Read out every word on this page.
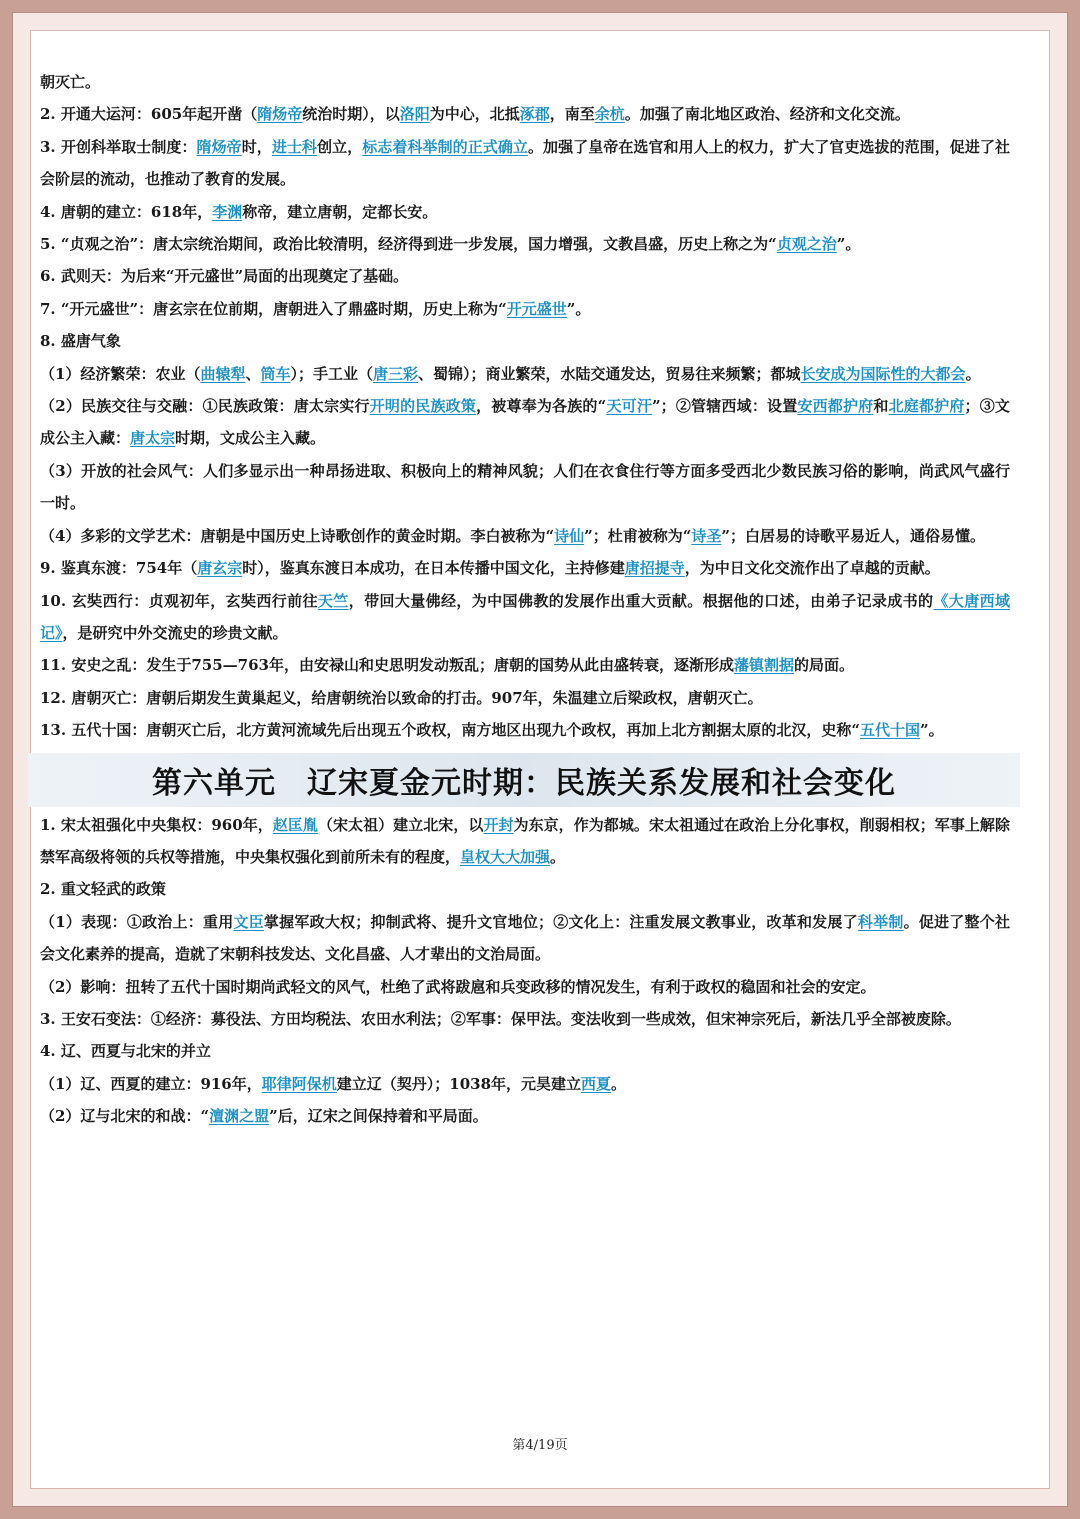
朝灭亡。

2. 开通大运河：605年起开凿（隋炀帝统治时期），以洛阳为中心，北抵涿郡，南至余杭。加强了南北地区政治、经济和文化交流。

3. 开创科举取士制度：隋炀帝时，进士科创立，标志着科举制的正式确立。加强了皇帝在选官和用人上的权力，扩大了官吏选拔的范围，促进了社会阶层的流动，也推动了教育的发展。

4. 唐朝的建立：618年，李渊称帝，建立唐朝，定都长安。

5. “贞观之治”：唐太宗统治期间，政治比较清明，经济得到进一步发展，国力增强，文教昌盛，历史上称之为“贞观之治”。

6. 武则天：为后来“开元盛世”局面的出现奠定了基础。

7. “开元盛世”：唐玄宗在位前期，唐朝进入了鼎盛时期，历史上称为“开元盛世”。

8. 盛唐气象

（1）经济繁荣：农业（曲辕犁、筒车）；手工业（唐三彩、蜀锦）；商业繁荣，水陆交通发达，贸易往来频繁；都城长安成为国际性的大都会。

（2）民族交往与交融：①民族政策：唐太宗实行开明的民族政策，被尊奉为各族的“天可汗”；②管辖西域：设置安西都护府和北庭都护府；③文成公主入藏：唐太宗时期，文成公主入藏。

（3）开放的社会风气：人们多显示出一种昂扬进取、积极向上的精神风貌；人们在衣食住行等方面多受西北少数民族习俗的影响，尚武风气盛行一时。

（4）多彩的文学艺术：唐朝是中国历史上诗歌创作的黄金时期。李白被称为“诗仙”；杜甫被称为“诗圣”；白居易的诗歌平易近人，通俗易懂。

9. 鉴真东渡：754年（唐玄宗时），鉴真东渡日本成功，在日本传播中国文化，主持修建唐招提寺，为中日文化交流作出了卓越的贡献。

10. 玄奘西行：贞观初年，玄奘西行前往天竺，带回大量佛经，为中国佛教的发展作出重大贡献。根据他的口述，由弟子记录成书的《大唐西域记》，是研究中外交流史的珍贵文献。

11. 安史之乱：发生于755—763年，由安禄山和史思明发动叛乱；唐朝的国势从此由盛转衰，逐渐形成藩镇割据的局面。

12. 唐朝灭亡：唐朝后期发生黄巢起义，给唐朝统治以致命的打击。907年，朱温建立后梁政权，唐朝灭亡。

13. 五代十国：唐朝灭亡后，北方黄河流域先后出现五个政权，南方地区出现九个政权，再加上北方割据太原的北汉，史称“五代十国”。

第六单元　辽宋夏金元时期：民族关系发展和社会变化

1. 宋太祖强化中央集权：960年，赵匡胤（宋太祖）建立北宋，以开封为东京，作为都城。宋太祖通过在政治上分化事权，削弱相权；军事上解除禁军高级将领的兵权等措施，中央集权强化到前所未有的程度，皇权大大加强。

2. 重文轻武的政策

（1）表现：①政治上：重用文臣掌握军政大权；抑制武将、提升文官地位；②文化上：注重发展文教事业，改革和发展了科举制。促进了整个社会文化素养的提高，造就了宋朝科技发达、文化昌盛、人才辈出的文治局面。

（2）影响：扭转了五代十国时期尚武轻文的风气，杜绝了武将跋扈和兵变政移的情况发生，有利于政权的稳固和社会的安定。

3. 王安石变法：①经济：募役法、方田均税法、农田水利法；②军事：保甲法。变法收到一些成效，但宋神宗死后，新法几乎全部被废除。

4. 辽、西夏与北宋的并立

（1）辽、西夏的建立：916年，耶律阿保机建立辽（契丹）；1038年，元昊建立西夏。

（2）辽与北宋的和战：“澶渊之盟”后，辽宋之间保持着和平局面。

第4/19页
